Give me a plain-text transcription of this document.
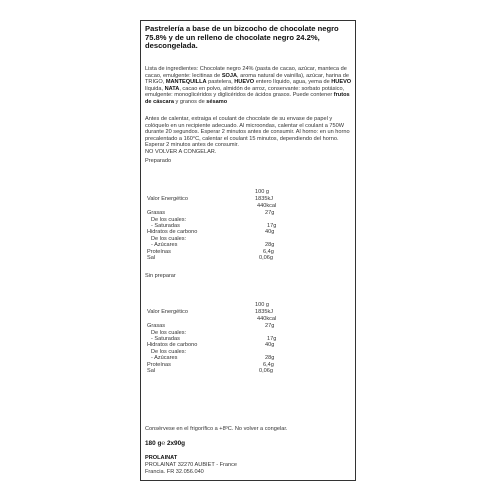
Pastrelería a base de un bizcocho de chocolate negro 75.8% y de un relleno de chocolate negro 24.2%, descongelada.
Lista de ingredientes: Chocolate negro 24% (pasta de cacao, azúcar, manteca de cacao, emulgente: lecitinas de SOJA, aroma natural de vainilla), azúcar, harina de TRIGO, MANTEQUILLA pastelera, HUEVO entero líquido, agua, yema de HUEVO líquida, NATA, cacao en polvo, almidón de arroz, conservante: sorbato potásico, emulgente: monoglicéridos y diglicéridos de ácidos grasos. Puede contener frutos de cáscara y granos de sésamo
Antes de calentar, extraiga el coulant de chocolate de su envase de papel y colóquelo en un recipiente adecuado. Al microondas, calentar el coulant a 750W durante 20 segundos. Esperar 2 minutos antes de consumir. Al horno: en un horno precalentado a 160°C, calentar el coulant 15 minutos, dependiendo del horno. Esperar 2 minutos antes de consumir.
NO VOLVER A CONGELAR.
Preparado
100 g
Valor Energético	1835kJ
440kcal
Grasas	27g
De los cuales:
- Saturadas	17g
Hidratos de carbono	40g
De los cuales:
- Azúcares	28g
Proteínas	6,4g
Sal	0,06g
Sin preparar
100 g
Valor Energético	1835kJ
440kcal
Grasas	27g
De los cuales:
- Saturadas	17g
Hidratos de carbono	40g
De los cuales:
- Azúcares	28g
Proteínas	6,4g
Sal	0,06g
Consérvese en el frigorífico a +8ºC. No volver a congelar.
180 g℮ 2x90g
PROLAINAT
PROLAINAT 32270 AUBIET - France
Francia. FR 32.056.040
